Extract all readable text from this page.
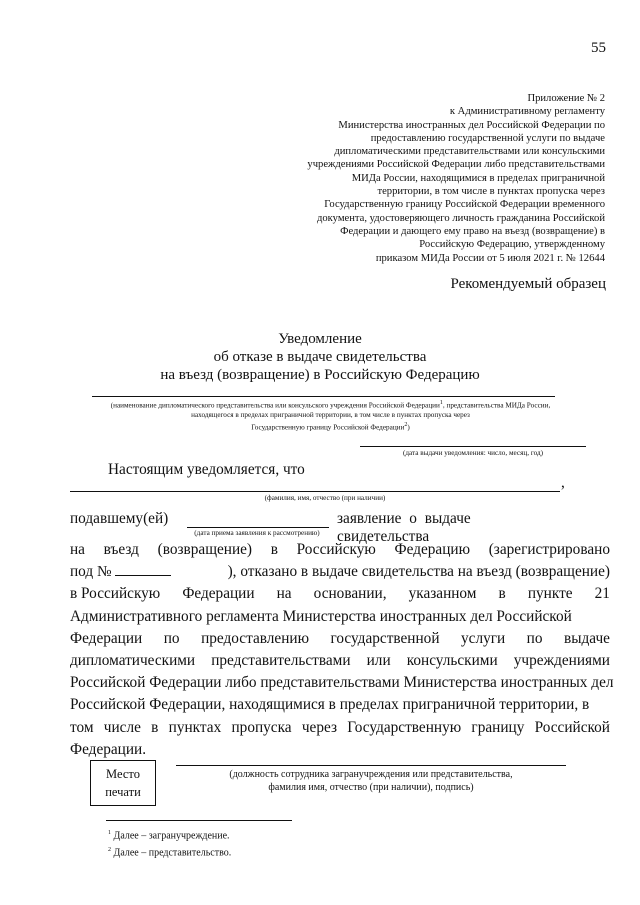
55
Приложение № 2
к Административному регламенту
Министерства иностранных дел Российской Федерации по
предоставлению государственной услуги по выдаче
дипломатическими представительствами или консульскими
учреждениями Российской Федерации либо представительствами
МИДа России, находящимися в пределах приграничной
территории, в том числе в пунктах пропуска через
Государственную границу Российской Федерации временного
документа, удостоверяющего личность гражданина Российской
Федерации и дающего ему право на въезд (возвращение) в
Российскую Федерацию, утвержденному
приказом МИДа России от 5 июля 2021 г. № 12644
Рекомендуемый образец
Уведомление
об отказе в выдаче свидетельства
на въезд (возвращение) в Российскую Федерацию
(наименование дипломатического представительства или консульского учреждения Российской Федерации$^1$, представительства МИДа России,
находящегося в пределах приграничной территории, в том числе в пунктах пропуска через
Государственную границу Российской Федерации$^2$)
(дата выдачи уведомления: число, месяц, год)
Настоящим уведомляется, что
,
(фамилия, имя, отчество (при наличии)
подавшему(ей)
(дата приема заявления к рассмотрению)
заявление о выдаче свидетельства
на въезд (возвращение) в Российскую Федерацию (зарегистрировано
под №	), отказано в выдаче свидетельства на въезд (возвращение)
в Российскую Федерации на основании, указанном в пункте 21
Административного регламента Министерства иностранных дел Российской
Федерации по предоставлению государственной услуги по выдаче
дипломатическими представительствами или консульскими учреждениями
Российской Федерации либо представительствами Министерства иностранных дел
Российской Федерации, находящимися в пределах приграничной территории, в
том числе в пунктах пропуска через Государственную границу Российской
Федерации.
Место
печати
(должность сотрудника загранучреждения или представительства,
фамилия имя, отчество (при наличии), подпись)
$^1$ Далее – загранучреждение.
$^2$ Далее – представительство.
